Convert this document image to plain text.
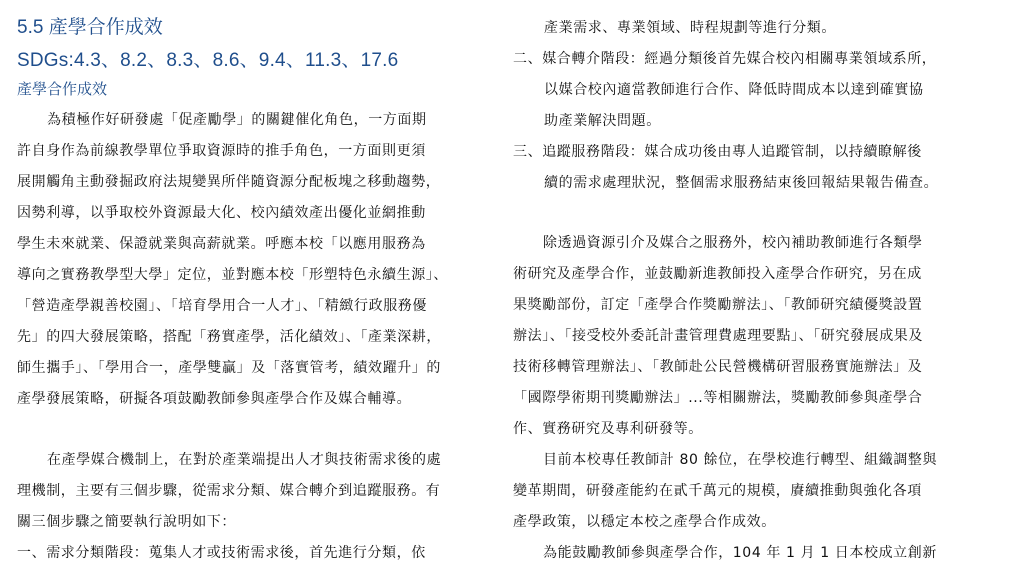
5.5 產學合作成效
SDGs:4.3、8.2、8.3、8.6、9.4、11.3、17.6
產學合作成效
為積極作好研發處「促產勵學」的關鍵催化角色，一方面期
許自身作為前線教學單位爭取資源時的推手角色，一方面則更須
展開觸角主動發掘政府法規變異所伴隨資源分配板塊之移動趨勢，
因勢利導，以爭取校外資源最大化、校內績效產出優化並網推動
學生未來就業、保證就業與高薪就業。呼應本校「以應用服務為
導向之實務教學型大學」定位，並對應本校「形塑特色永續生源」、
「營造產學親善校園」、「培育學用合一人才」、「精緻行政服務優
先」的四大發展策略，搭配「務實產學，活化績效」、「產業深耕，
師生攜手」、「學用合一，產學雙贏」及「落實管考，績效躍升」的
產學發展策略，研擬各項鼓勵教師參與產學合作及媒合輔導。
在產學媒合機制上，在對於產業端提出人才與技術需求後的處
理機制，主要有三個步驟，從需求分類、媒合轉介到追蹤服務。有
關三個步驟之簡要執行說明如下：
一、需求分類階段：蒐集人才或技術需求後，首先進行分類，依
產業需求、專業領域、時程規劃等進行分類。
二、媒合轉介階段：經過分類後首先媒合校內相關專業領域系所，
以媒合校內適當教師進行合作、降低時間成本以達到確實協
助產業解決問題。
三、追蹤服務階段：媒合成功後由專人追蹤管制，以持續瞭解後
續的需求處理狀況，整個需求服務結束後回報結果報告備查。
除透過資源引介及媒合之服務外，校內補助教師進行各類學
術研究及產學合作，並鼓勵新進教師投入產學合作研究，另在成
果獎勵部份，訂定「產學合作獎勵辦法」、「教師研究績優獎設置
辦法」、「接受校外委託計畫管理費處理要點」、「研究發展成果及
技術移轉管理辦法」、「教師赴公民營機構研習服務實施辦法」及
「國際學術期刊獎勵辦法」...等相關辦法，獎勵教師參與產學合
作、實務研究及專利研發等。
目前本校專任教師計 80 餘位，在學校進行轉型、組織調整與
變革期間，研發產能約在貳千萬元的規模，賡續推動與強化各項
產學政策，以穩定本校之產學合作成效。
為能鼓勵教師參與產學合作，104 年 1 月 1 日本校成立創新
